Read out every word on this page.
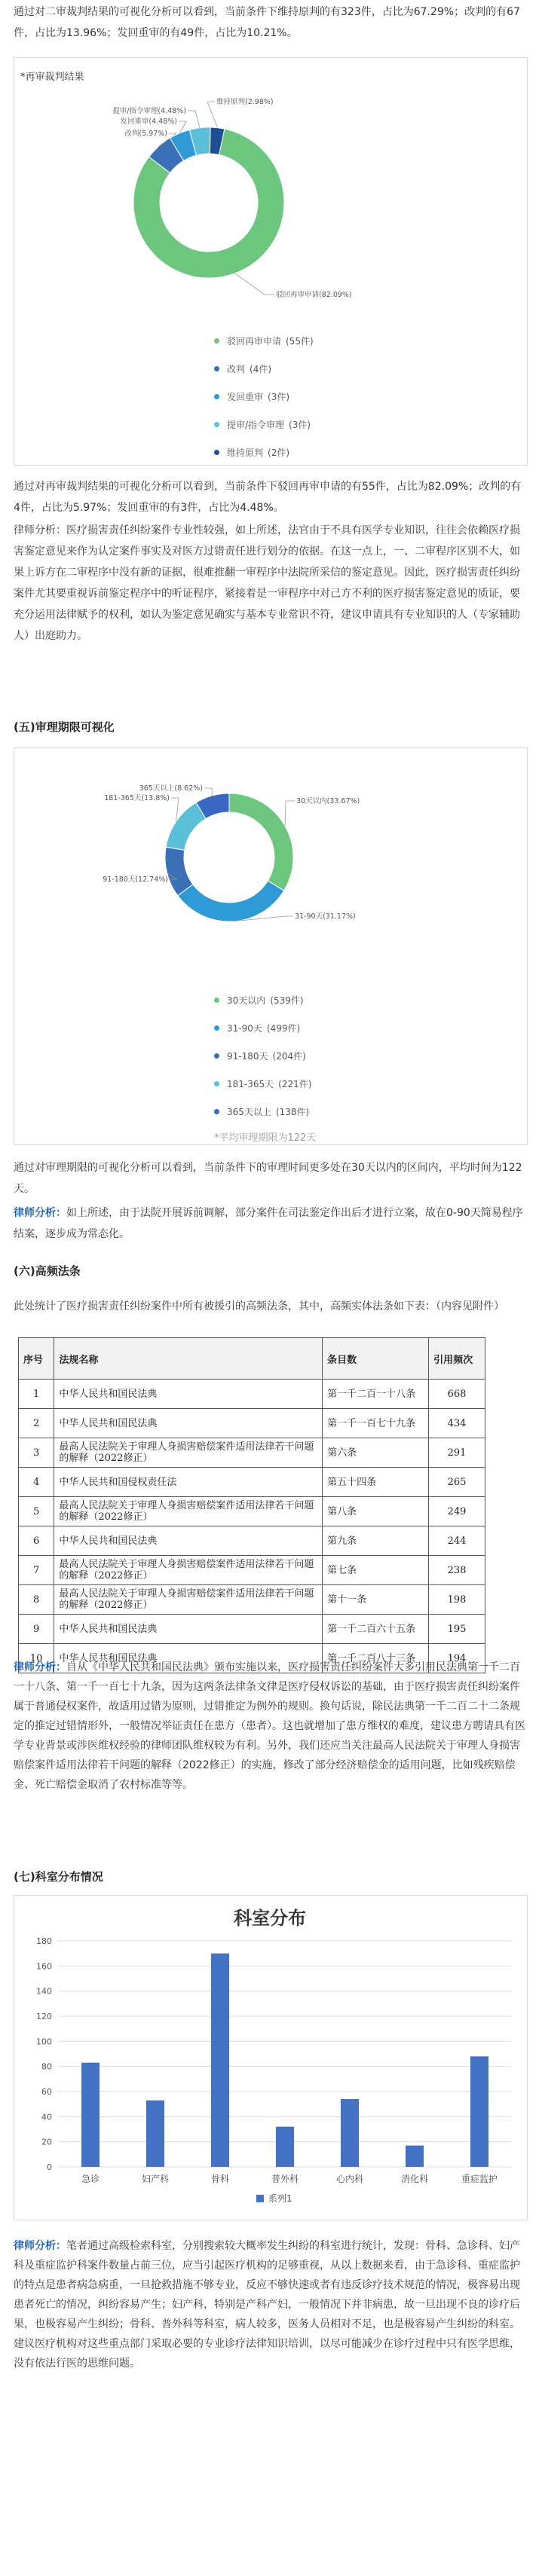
通过对二审裁判结果的可视化分析可以看到，当前条件下维持原判的有323件，占比为67.29%；改判的有67件，占比为13.96%；发回重审的有49件，占比为10.21%。

*再审裁判结果
驳回再审申请(82.09%)
改判(5.97%)
发回重审(4.48%)
提审/指令审理(4.48%)
维持原判(2.98%)
驳回再审申请 (55件)
改判 (4件)
发回重审 (3件)
提审/指令审理 (3件)
维持原判 (2件)

通过对再审裁判结果的可视化分析可以看到，当前条件下驳回再审申请的有55件，占比为82.09%；改判的有4件，占比为5.97%；发回重审的有3件，占比为4.48%。

律师分析：医疗损害责任纠纷案件专业性较强，如上所述，法官由于不具有医学专业知识，往往会依赖医疗损害鉴定意见来作为认定案件事实及对医方过错责任进行划分的依据。在这一点上，一、二审程序区别不大，如果上诉方在二审程序中没有新的证据，很难推翻一审程序中法院所采信的鉴定意见。因此，医疗损害责任纠纷案件尤其要重视诉前鉴定程序中的听证程序，紧接着是一审程序中对己方不利的医疗损害鉴定意见的质证，要充分运用法律赋予的权利，如认为鉴定意见确实与基本专业常识不符，建议申请具有专业知识的人（专家辅助人）出庭助力。

(五)审理期限可视化
30天以内(33.67%)
31-90天(31.17%)
91-180天(12.74%)
181-365天(13.8%)
365天以上(8.62%)
30天以内 (539件)
31-90天 (499件)
91-180天 (204件)
181-365天 (221件)
365天以上 (138件)
*平均审理期限为122天

通过对审理期限的可视化分析可以看到，当前条件下的审理时间更多处在30天以内的区间内，平均时间为122天。

律师分析：如上所述，由于法院开展诉前调解，部分案件在司法鉴定作出后才进行立案，故在0-90天简易程序结案，逐步成为常态化。

(六)高频法条

此处统计了医疗损害责任纠纷案件中所有被援引的高频法条，其中，高频实体法条如下表：（内容见附件）

序号	法规名称	条目数	引用频次
1	中华人民共和国民法典	第一千二百一十八条	668
2	中华人民共和国民法典	第一千一百七十九条	434
3	最高人民法院关于审理人身损害赔偿案件适用法律若干问题的解释（2022修正）	第六条	291
4	中华人民共和国侵权责任法	第五十四条	265
5	最高人民法院关于审理人身损害赔偿案件适用法律若干问题的解释（2022修正）	第八条	249
6	中华人民共和国民法典	第九条	244
7	最高人民法院关于审理人身损害赔偿案件适用法律若干问题的解释（2022修正）	第七条	238
8	最高人民法院关于审理人身损害赔偿案件适用法律若干问题的解释（2022修正）	第十一条	198
9	中华人民共和国民法典	第一千二百六十五条	195
10	中华人民共和国民法典	第一千二百八十三条	194

律师分析：自从《中华人民共和国民法典》颁布实施以来，医疗损害责任纠纷案件大多引用民法典第一千二百一十八条、第一千一百七十九条，因为这两条法律条文律是医疗侵权诉讼的基础，由于医疗损害责任纠纷案件属于普通侵权案件，故适用过错为原则，过错推定为例外的规则。换句话说，除民法典第一千二百二十二条规定的推定过错情形外，一般情况举证责任在患方（患者）。这也就增加了患方维权的难度，建议患方聘请具有医学专业背景或涉医维权经验的律师团队维权较为有利。另外，我们还应当关注最高人民法院关于审理人身损害赔偿案件适用法律若干问题的解释（2022修正）的实施，修改了部分经济赔偿金的适用问题，比如残疾赔偿金、死亡赔偿金取消了农村标准等等。

(七)科室分布情况
科室分布
0
20
40
60
80
100
120
140
160
180
急诊	妇产科	骨科	普外科	心内科	消化科	重症监护
系列1

律师分析：笔者通过高级检索科室，分别搜索较大概率发生纠纷的科室进行统计，发现：骨科、急诊科、妇产科及重症监护科案件数量占前三位，应当引起医疗机构的足够重视，从以上数据来看，由于急诊科、重症监护的特点是患者病急病重，一旦抢救措施不够专业，反应不够快速或者有违反诊疗技术规范的情况，极容易出现患者死亡的情况，纠纷容易产生；妇产科，特别是产科产妇，一般情况下并非病患，故一旦出现不良的诊疗后果，也极容易产生纠纷；骨科、普外科等科室，病人较多，医务人员相对不足，也是极容易产生纠纷的科室。建议医疗机构对这些重点部门采取必要的专业诊疗法律知识培训，以尽可能减少在诊疗过程中只有医学思维，没有依法行医的思维问题。
